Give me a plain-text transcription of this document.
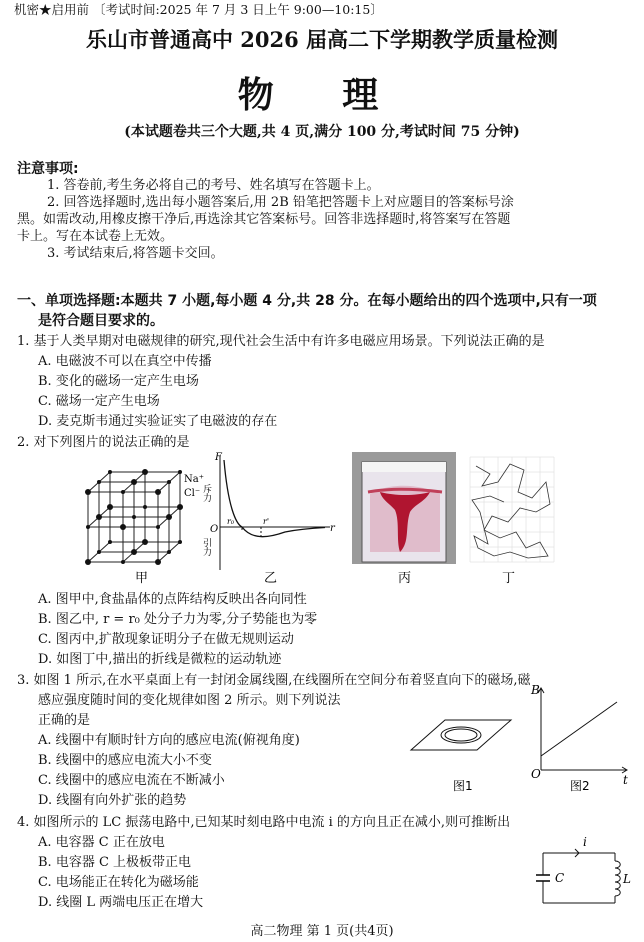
机密★启用前 〔考试时间:2025 年 7 月 3 日上午 9:00—10:15〕
乐山市普通高中 2026 届高二下学期教学质量检测
物 理
(本试题卷共三个大题,共 4 页,满分 100 分,考试时间 75 分钟)
注意事项:
1. 答卷前,考生务必将自己的考号、姓名填写在答题卡上。
2. 回答选择题时,选出每小题答案后,用 2B 铅笔把答题卡上对应题目的答案标号涂
黑。如需改动,用橡皮擦干净后,再选涂其它答案标号。回答非选择题时,将答案写在答题
卡上。写在本试卷上无效。
3. 考试结束后,将答题卡交回。
一、单项选择题:本题共 7 小题,每小题 4 分,共 28 分。在每小题给出的四个选项中,只有一项
是符合题目要求的。
1. 基于人类早期对电磁规律的研究,现代社会生活中有许多电磁应用场景。下列说法正确的是
A. 电磁波不可以在真空中传播
B. 变化的磁场一定产生电场
C. 磁场一定产生电场
D. 麦克斯韦通过实验证实了电磁波的存在
2. 对下列图片的说法正确的是
Na⁺
Cl⁻
甲
F
r
O
斥力
引力
r₀	r'
乙	丙	丁
A. 图甲中,食盐晶体的点阵结构反映出各向同性
B. 图乙中, r = r₀ 处分子力为零,分子势能也为零
C. 图丙中,扩散现象证明分子在做无规则运动
D. 如图丁中,描出的折线是微粒的运动轨迹
3. 如图 1 所示,在水平桌面上有一封闭金属线圈,在线圈所在空间分布着竖直向下的磁场,磁
感应强度随时间的变化规律如图 2 所示。则下列说法
正确的是
A. 线圈中有顺时针方向的感应电流(俯视角度)
B. 线圈中的感应电流大小不变
C. 线圈中的感应电流在不断减小
D. 线圈有向外扩张的趋势
图1
B
t
O
图2
4. 如图所示的 LC 振荡电路中,已知某时刻电路中电流 i 的方向且正在减小,则可推断出
A. 电容器 C 正在放电
B. 电容器 C 上极板带正电
C. 电场能正在转化为磁场能
D. 线圈 L 两端电压正在增大
C	L
i
高二物理 第 1 页(共4页)
